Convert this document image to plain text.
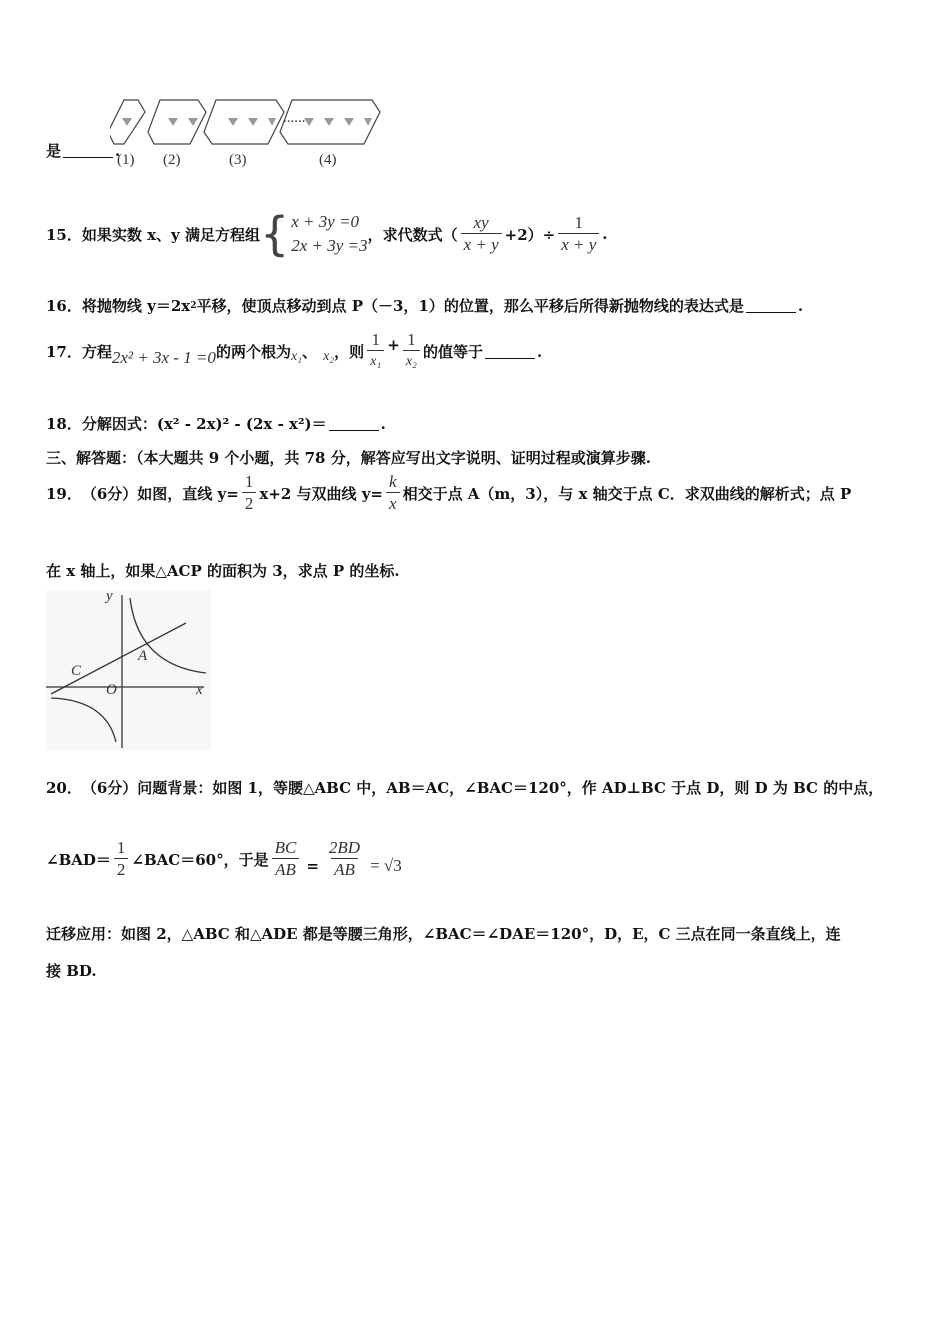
是	.
......
(1) (2)	(3)	(4)
15． 如果实数 x、y 满足方程组 { x + 3y =0
2x + 3y =3
，求代数式（ $\frac{xy}{x + y} +2)\div \frac{1}{x + y}$ .
16． 将抛物线 y＝2x 2 平移，使顶点移动到点 P（－3，1）的位置，那么平移后所得新抛物线的表达式是	.
17． 方程 2x² + 3x - 1 =0 的两个根为 x₁ 、 x₂ ，则 $\frac{1}{\text{x₁}} + \frac{1}{\text{x₂}}$ 的值等于	.
18． 分解因式：(x² - 2x)² - (2x - x²)＝	.
三、解答题：（本大题共 9 个小题，共 78 分，解答应写出文字说明、证明过程或演算步骤.
19． （6分）如图，直线 $y= \frac{1}{2} x+2$ 与双曲线 $y= \frac{k}{x}$ 相交于点 A（m，3），与 x 轴交于点 C．求双曲线的解析式；点 P
在 x 轴上，如果△ACP 的面积为 3，求点 P 的坐标.
y
x
O
A
C
20． （6分）问题背景：如图 1，等腰△ABC 中，AB＝AC，∠BAC＝120°，作 AD⊥BC 于点 D，则 D 为 BC 的中点，
∠BAD＝ $\frac{1}{2}$ ∠BAC＝60°，于是 $\frac{BC}{AB} = \frac{2BD}{AB} = √3$
迁移应用：如图 2，△ABC 和△ADE 都是等腰三角形，∠BAC＝∠DAE＝120°，D，E，C 三点在同一条直线上，连
接 BD.
